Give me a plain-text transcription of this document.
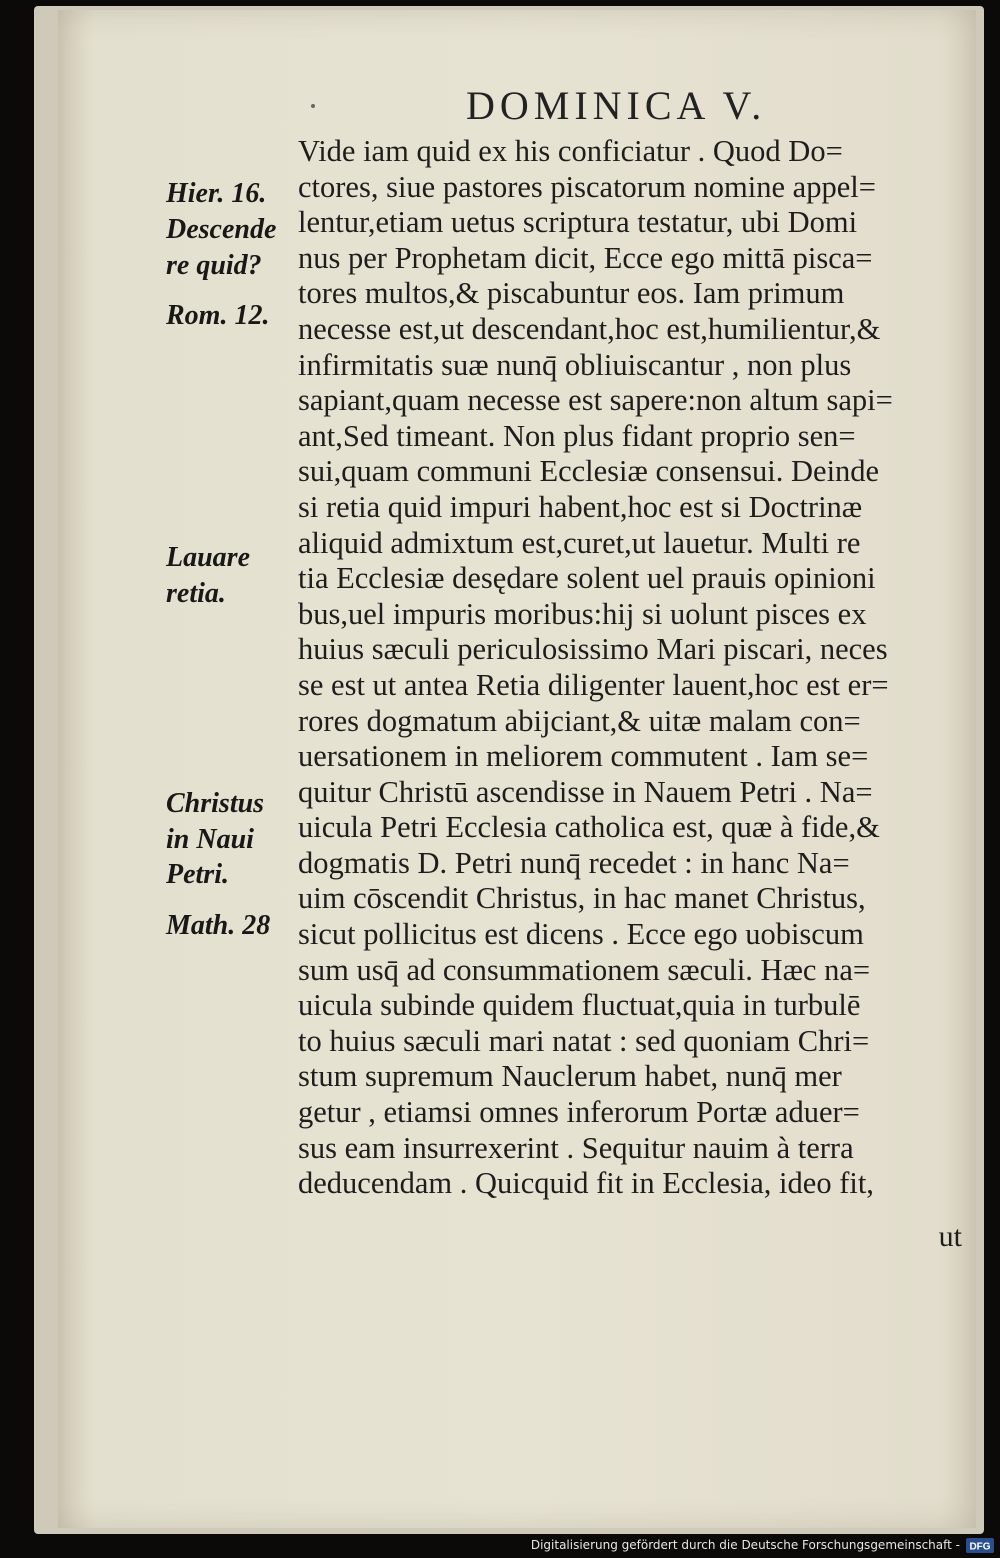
DOMINICA V.
Hier. 16.
Descende
re quid?
Rom. 12.
Lauare
retia.
Christus
in Naui
Petri.
Math. 28
Vide iam quid ex his conficiatur . Quod Do=
ctores, siue pastores piscatorum nomine appel=
lentur,etiam uetus scriptura testatur, ubi Domi
nus per Prophetam dicit, Ecce ego mittā pisca=
tores multos,& piscabuntur eos. Iam primum
necesse est,ut descendant,hoc est,humilientur,&
infirmitatis suæ nunq̄ obliuiscantur , non plus
sapiant,quam necesse est sapere:non altum sapi=
ant,Sed timeant. Non plus fidant proprio sen=
sui,quam communi Ecclesiæ consensui. Deinde
si retia quid impuri habent,hoc est si Doctrinæ
aliquid admixtum est,curet,ut lauetur. Multi re
tia Ecclesiæ desędare solent uel prauis opinioni
bus,uel impuris moribus:hij si uolunt pisces ex
huius sæculi periculosissimo Mari piscari, neces
se est ut antea Retia diligenter lauent,hoc est er=
rores dogmatum abijciant,& uitæ malam con=
uersationem in meliorem commutent . Iam se=
quitur Christū ascendisse in Nauem Petri . Na=
uicula Petri Ecclesia catholica est, quæ à fide,&
dogmatis D. Petri nunq̄ recedet : in hanc Na=
uim cōscendit Christus, in hac manet Christus,
sicut pollicitus est dicens . Ecce ego uobiscum
sum usq̄ ad consummationem sæculi. Hæc na=
uicula subinde quidem fluctuat,quia in turbulē
to huius sæculi mari natat : sed quoniam Chri=
stum supremum Nauclerum habet, nunq̄ mer
getur , etiamsi omnes inferorum Portæ aduer=
sus eam insurrexerint . Sequitur nauim à terra
deducendam . Quicquid fit in Ecclesia, ideo fit,
ut
Digitalisierung gefördert durch die Deutsche Forschungsgemeinschaft - DFG
